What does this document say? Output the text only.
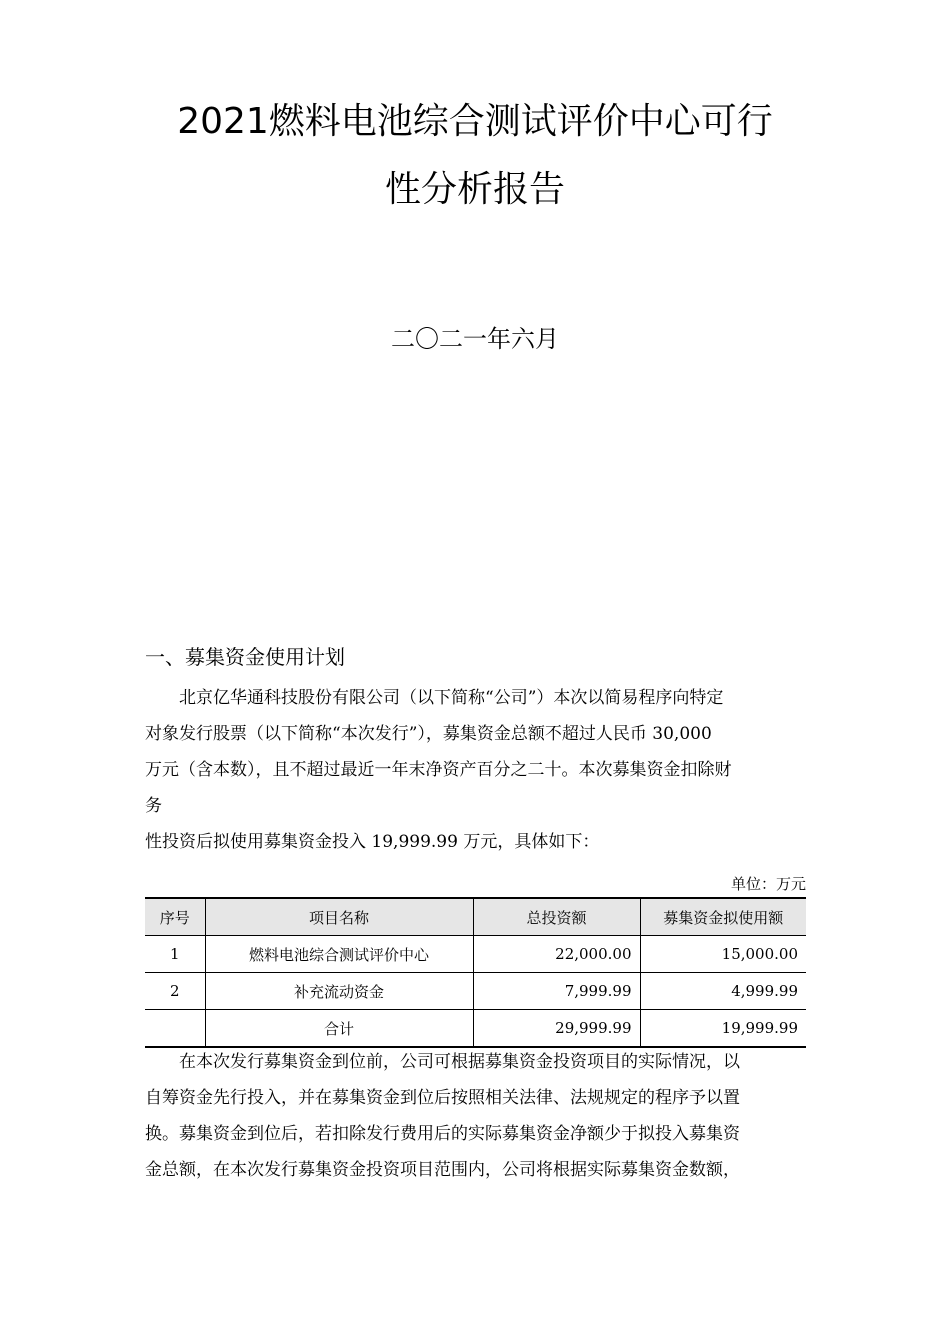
2021燃料电池综合测试评价中心可行
性分析报告
二〇二一年六月
一、募集资金使用计划
北京亿华通科技股份有限公司（以下简称“公司”）本次以简易程序向特定
对象发行股票（以下简称“本次发行”），募集资金总额不超过人民币 30,000
万元（含本数），且不超过最近一年末净资产百分之二十。本次募集资金扣除财
务
性投资后拟使用募集资金投入 19,999.99 万元，具体如下：
单位：万元
序号	项目名称	总投资额	募集资金拟使用额
1	燃料电池综合测试评价中心	22,000.00	15,000.00
2	补充流动资金	7,999.99	4,999.99
	合计	29,999.99	19,999.99
在本次发行募集资金到位前，公司可根据募集资金投资项目的实际情况，以
自筹资金先行投入，并在募集资金到位后按照相关法律、法规规定的程序予以置
换。募集资金到位后，若扣除发行费用后的实际募集资金净额少于拟投入募集资
金总额，在本次发行募集资金投资项目范围内，公司将根据实际募集资金数额，
